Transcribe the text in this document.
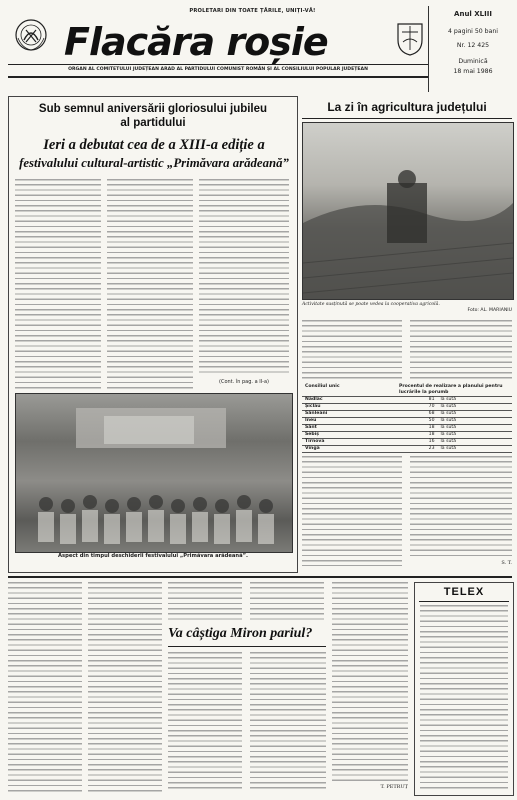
PROLETARI DIN TOATE ȚĂRILE, UNIȚI-VĂ!
Flacăra roșie
Anul XLIII
4 pagini 50 bani
Nr. 12 425
Duminică
18 mai 1986
ORGAN AL COMITETULUI JUDEȚEAN ARAD AL PARTIDULUI COMUNIST ROMÂN ȘI AL CONSILIULUI POPULAR JUDEȚEAN
Sub semnul aniversării gloriosului jubileu
al partidului
Ieri a debutat cea de a XIII-a ediție a
festivalului cultural-artistic „Primăvara arădeană”
(Cont. în pag. a II-a)
Aspect din timpul deschiderii festivalului „Primăvara arădeană”.
La zi în agricultura județului
Activitate susținută se poate vedea la cooperativa agricolă.
Foto: AL. MARIANIU
Consiliul unic	Procentul de realizare a planului pentru lucrările la porumb	
Nădlac	81	la sută
Șiclău	70	la sută
Sânleani	68	la sută
Ineu	50	la sută
Sânt	18	la sută
Sebiș	18	la sută
Tîrnova	16	la sută
Vinga	23	la sută
S. T.
Va câștiga Miron pariul?
T. PETRUȚ
TELEX
